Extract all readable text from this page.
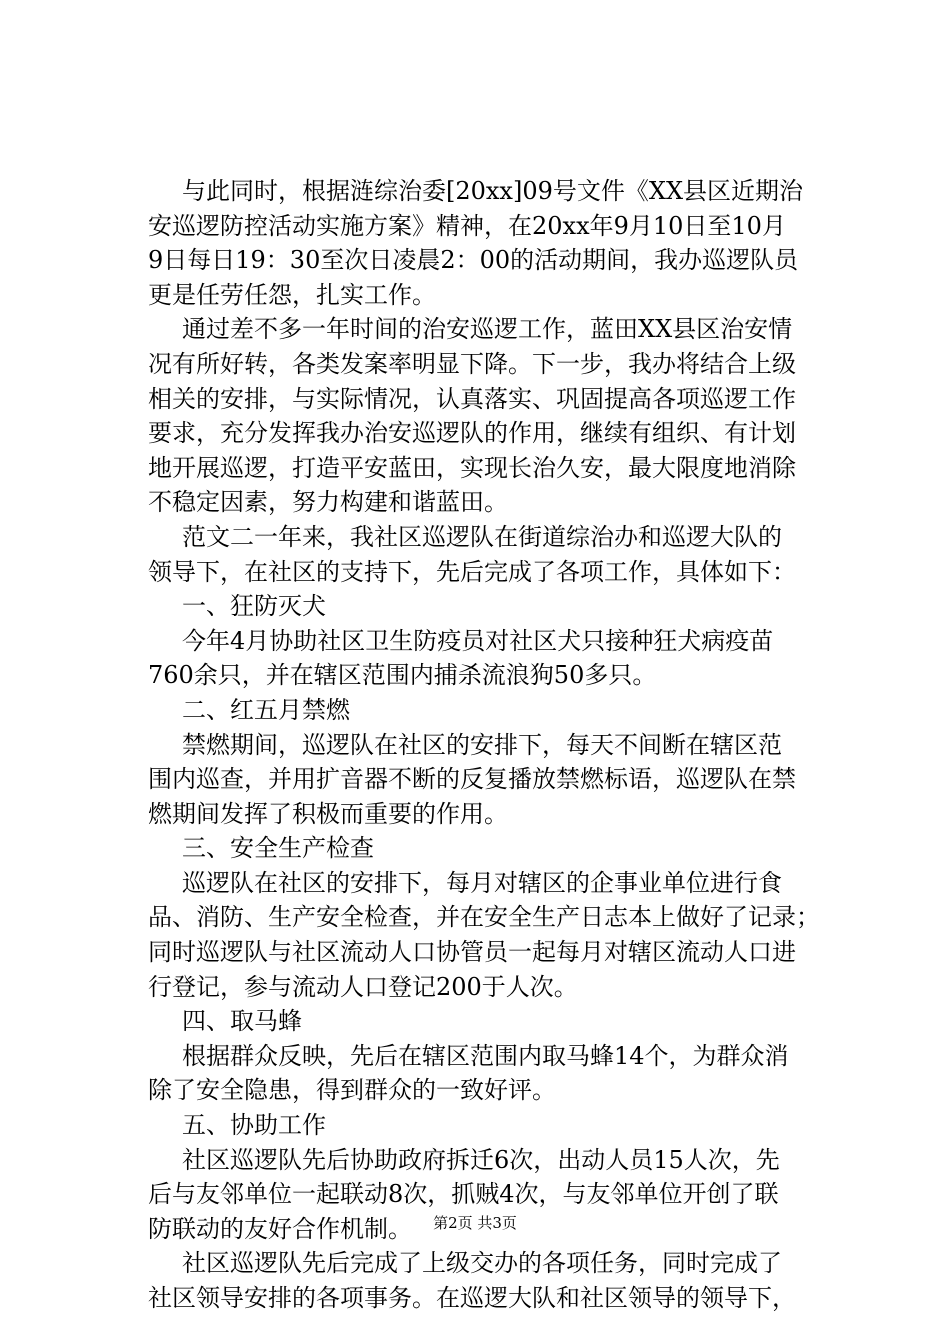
与此同时，根据涟综治委[20xx]09号文件《XX县区近期治
安巡逻防控活动实施方案》精神，在20xx年9月10日至10月
9日每日19：30至次日凌晨2：00的活动期间，我办巡逻队员
更是任劳任怨，扎实工作。
通过差不多一年时间的治安巡逻工作，蓝田XX县区治安情
况有所好转，各类发案率明显下降。下一步，我办将结合上级
相关的安排，与实际情况，认真落实、巩固提高各项巡逻工作
要求，充分发挥我办治安巡逻队的作用，继续有组织、有计划
地开展巡逻，打造平安蓝田，实现长治久安，最大限度地消除
不稳定因素，努力构建和谐蓝田。
范文二一年来，我社区巡逻队在街道综治办和巡逻大队的
领导下，在社区的支持下，先后完成了各项工作，具体如下：
一、狂防灭犬
今年4月协助社区卫生防疫员对社区犬只接种狂犬病疫苗
760余只，并在辖区范围内捕杀流浪狗50多只。
二、红五月禁燃
禁燃期间，巡逻队在社区的安排下，每天不间断在辖区范
围内巡查，并用扩音器不断的反复播放禁燃标语，巡逻队在禁
燃期间发挥了积极而重要的作用。
三、安全生产检查
巡逻队在社区的安排下，每月对辖区的企事业单位进行食
品、消防、生产安全检查，并在安全生产日志本上做好了记录；
同时巡逻队与社区流动人口协管员一起每月对辖区流动人口进
行登记，参与流动人口登记200于人次。
四、取马蜂
根据群众反映，先后在辖区范围内取马蜂14个，为群众消
除了安全隐患，得到群众的一致好评。
五、协助工作
社区巡逻队先后协助政府拆迁6次，出动人员15人次，先
后与友邻单位一起联动8次，抓贼4次，与友邻单位开创了联
防联动的友好合作机制。
社区巡逻队先后完成了上级交办的各项任务，同时完成了
社区领导安排的各项事务。在巡逻大队和社区领导的领导下，
第2页 共3页
